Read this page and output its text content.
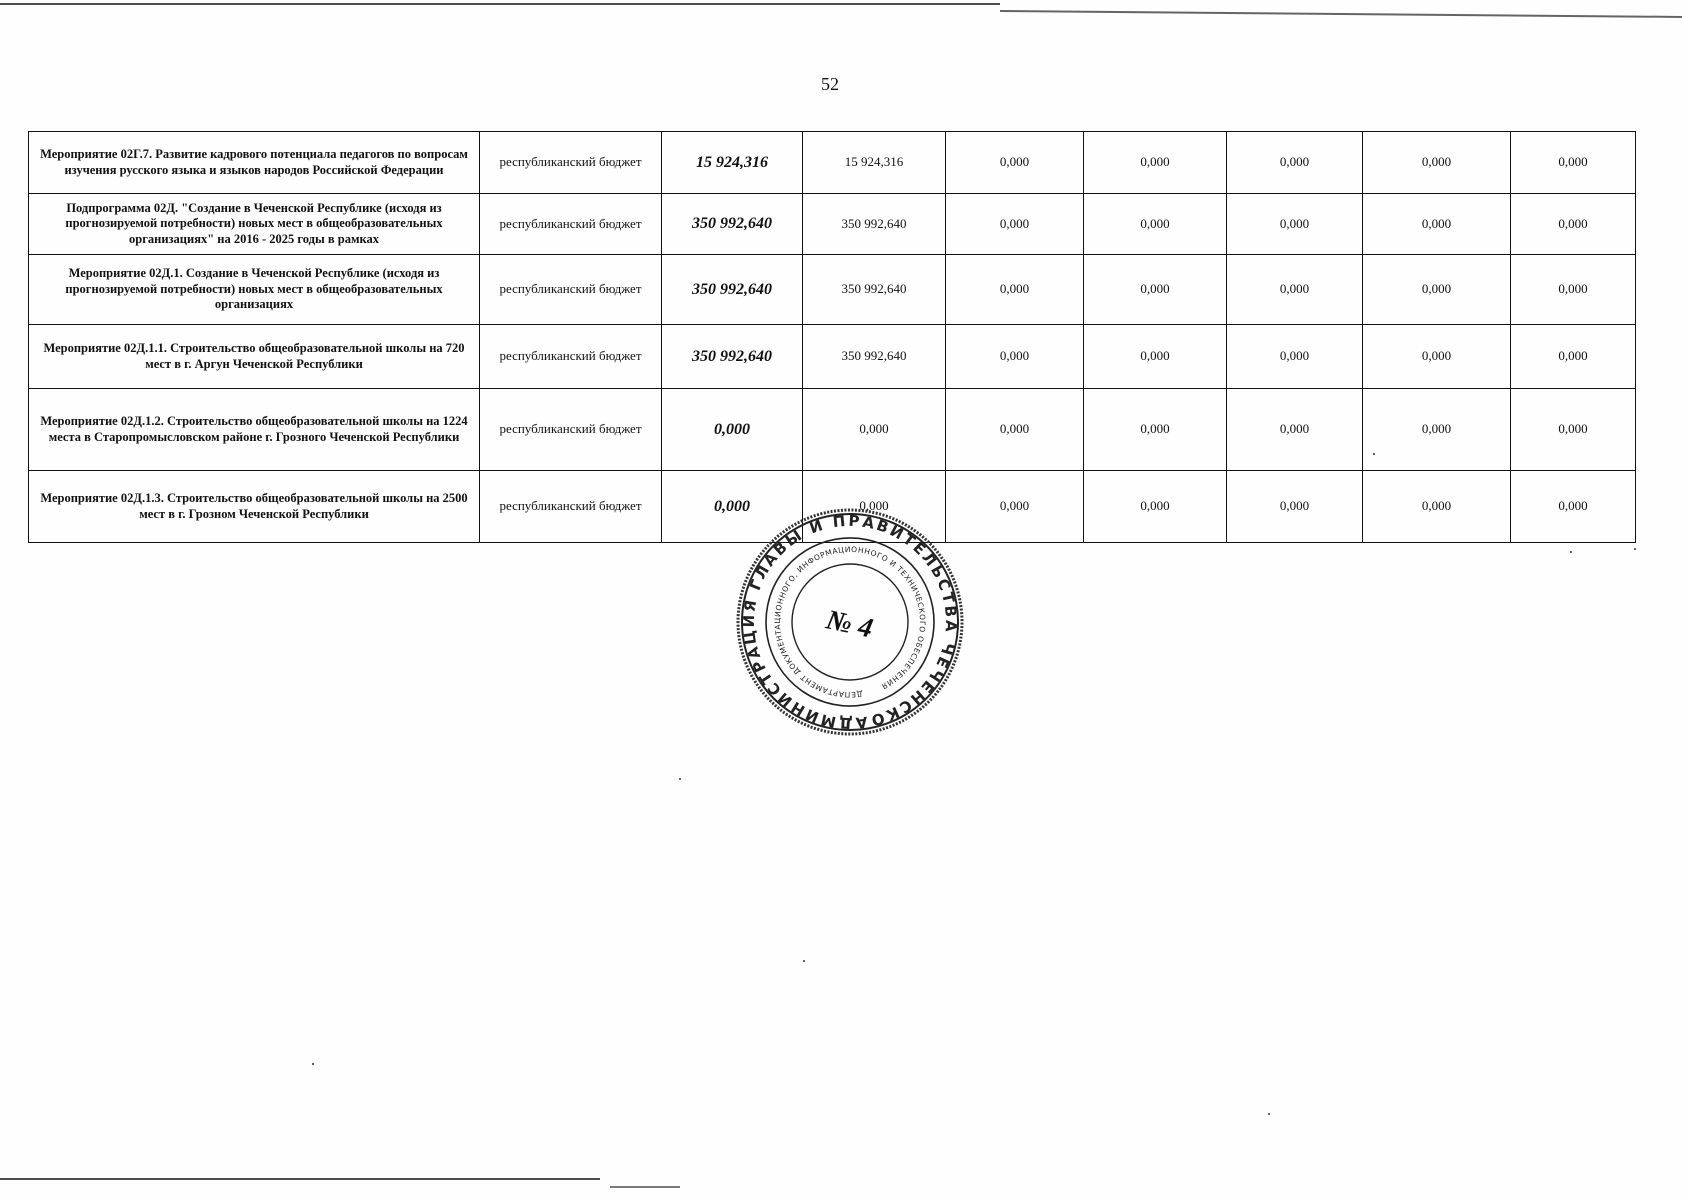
52
Мероприятие 02Г.7. Развитие кадрового потенциала педагогов по вопросам изучения русского языка и языков народов Российской Федерации	республиканский бюджет	15 924,316	15 924,316	0,000	0,000	0,000	0,000	0,000
Подпрограмма 02Д. "Создание в Чеченской Республике (исходя из прогнозируемой потребности) новых мест в общеобразовательных организациях" на 2016 - 2025 годы в рамках	республиканский бюджет	350 992,640	350 992,640	0,000	0,000	0,000	0,000	0,000
Мероприятие 02Д.1. Создание в Чеченской Республике (исходя из прогнозируемой потребности) новых мест в общеобразовательных организациях	республиканский бюджет	350 992,640	350 992,640	0,000	0,000	0,000	0,000	0,000
Мероприятие 02Д.1.1. Строительство общеобразовательной школы на 720 мест в г. Аргун Чеченской Республики	республиканский бюджет	350 992,640	350 992,640	0,000	0,000	0,000	0,000	0,000
Мероприятие 02Д.1.2. Строительство общеобразовательной школы на 1224 места в Старопромысловском районе г. Грозного Чеченской Республики	республиканский бюджет	0,000	0,000	0,000	0,000	0,000	0,000	0,000
Мероприятие 02Д.1.3. Строительство общеобразовательной школы на 2500 мест в г. Грозном Чеченской Республики	республиканский бюджет	0,000	0,000	0,000	0,000	0,000	0,000	0,000
АДМИНИСТРАЦИЯ ГЛАВЫ И ПРАВИТЕЛЬСТВА ЧЕЧЕНСКОЙ
ДЕПАРТАМЕНТ ДОКУМЕНТАЦИОННОГО, ИНФОРМАЦИОННОГО И ТЕХНИЧЕСКОГО ОБЕСПЕЧЕНИЯ
№ 4
